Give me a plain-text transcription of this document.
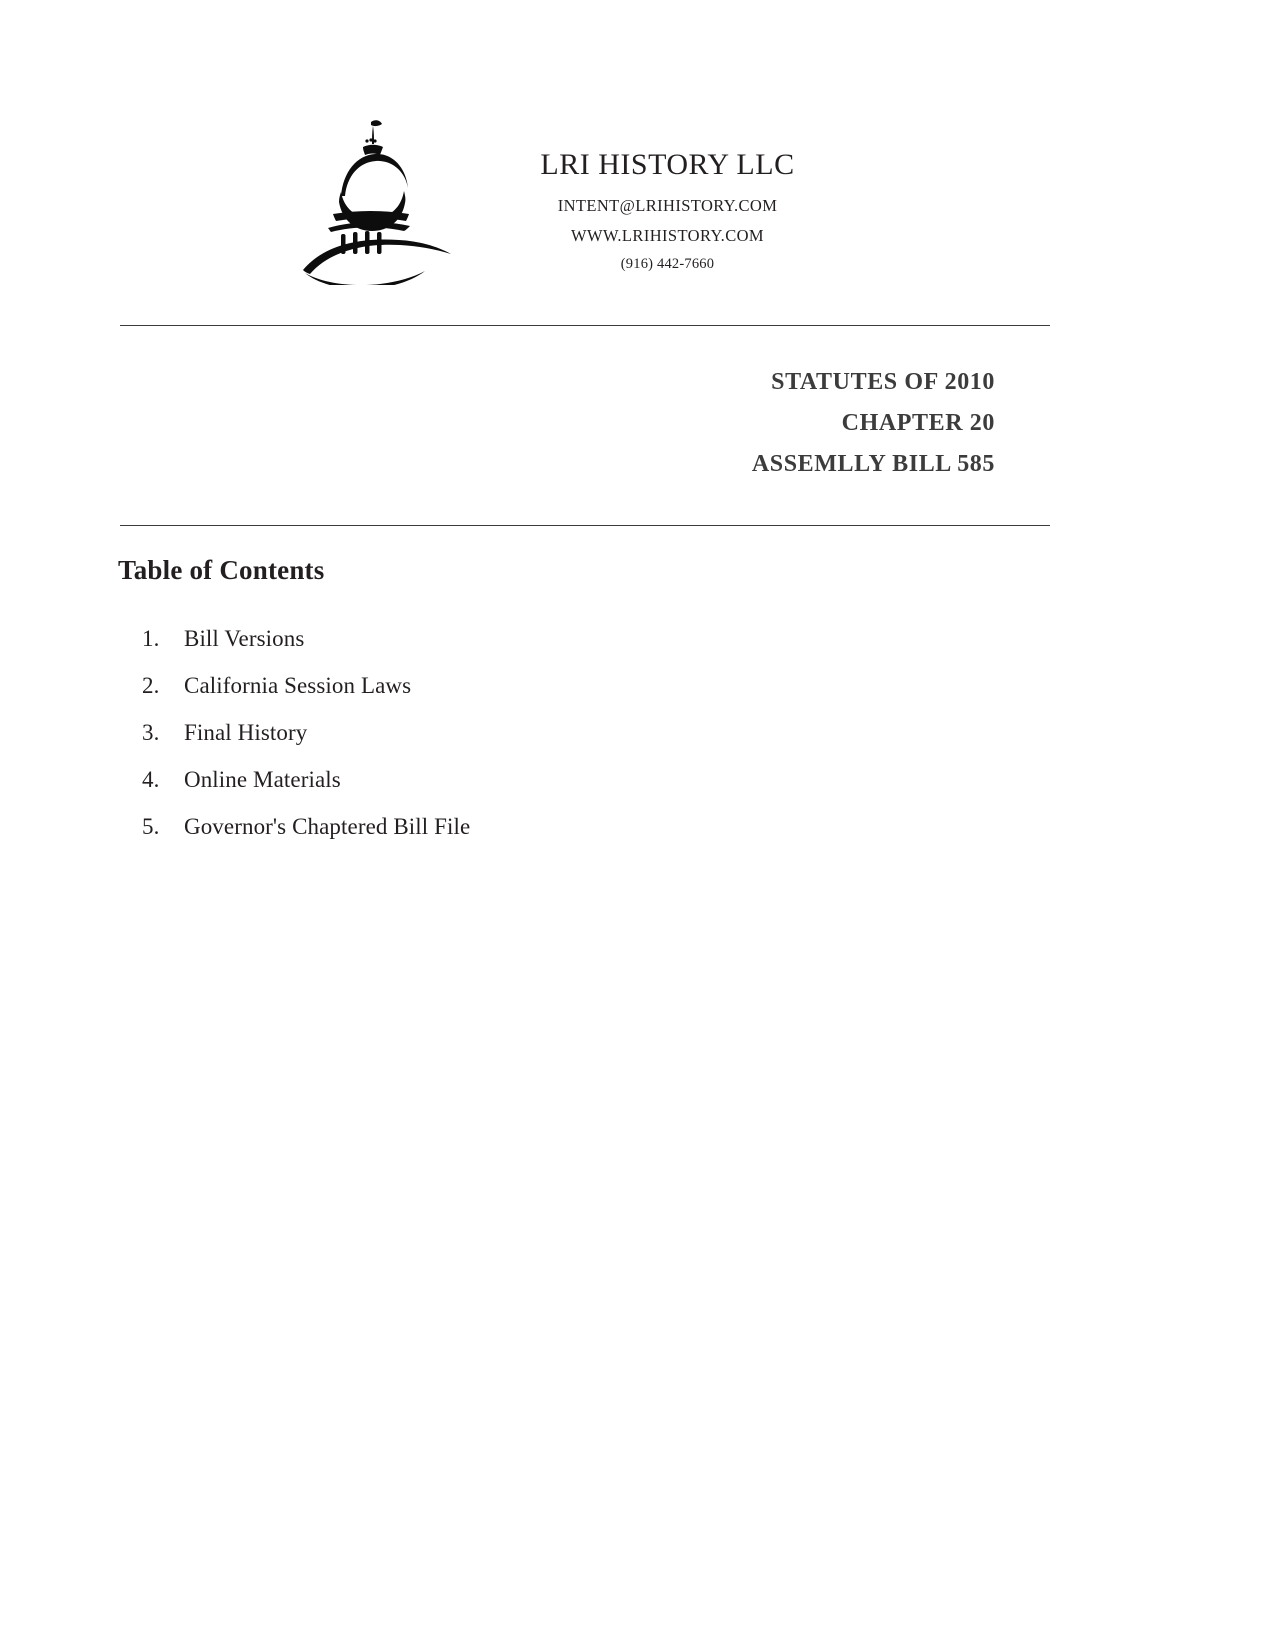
LRI HISTORY LLC
INTENT@LRIHISTORY.COM
WWW.LRIHISTORY.COM
(916) 442-7660
STATUTES OF 2010
CHAPTER 20
ASSEMLLY BILL 585
Table of Contents
1.	Bill Versions
2.	California Session Laws
3.	Final History
4.	Online Materials
5.	Governor's Chaptered Bill File
